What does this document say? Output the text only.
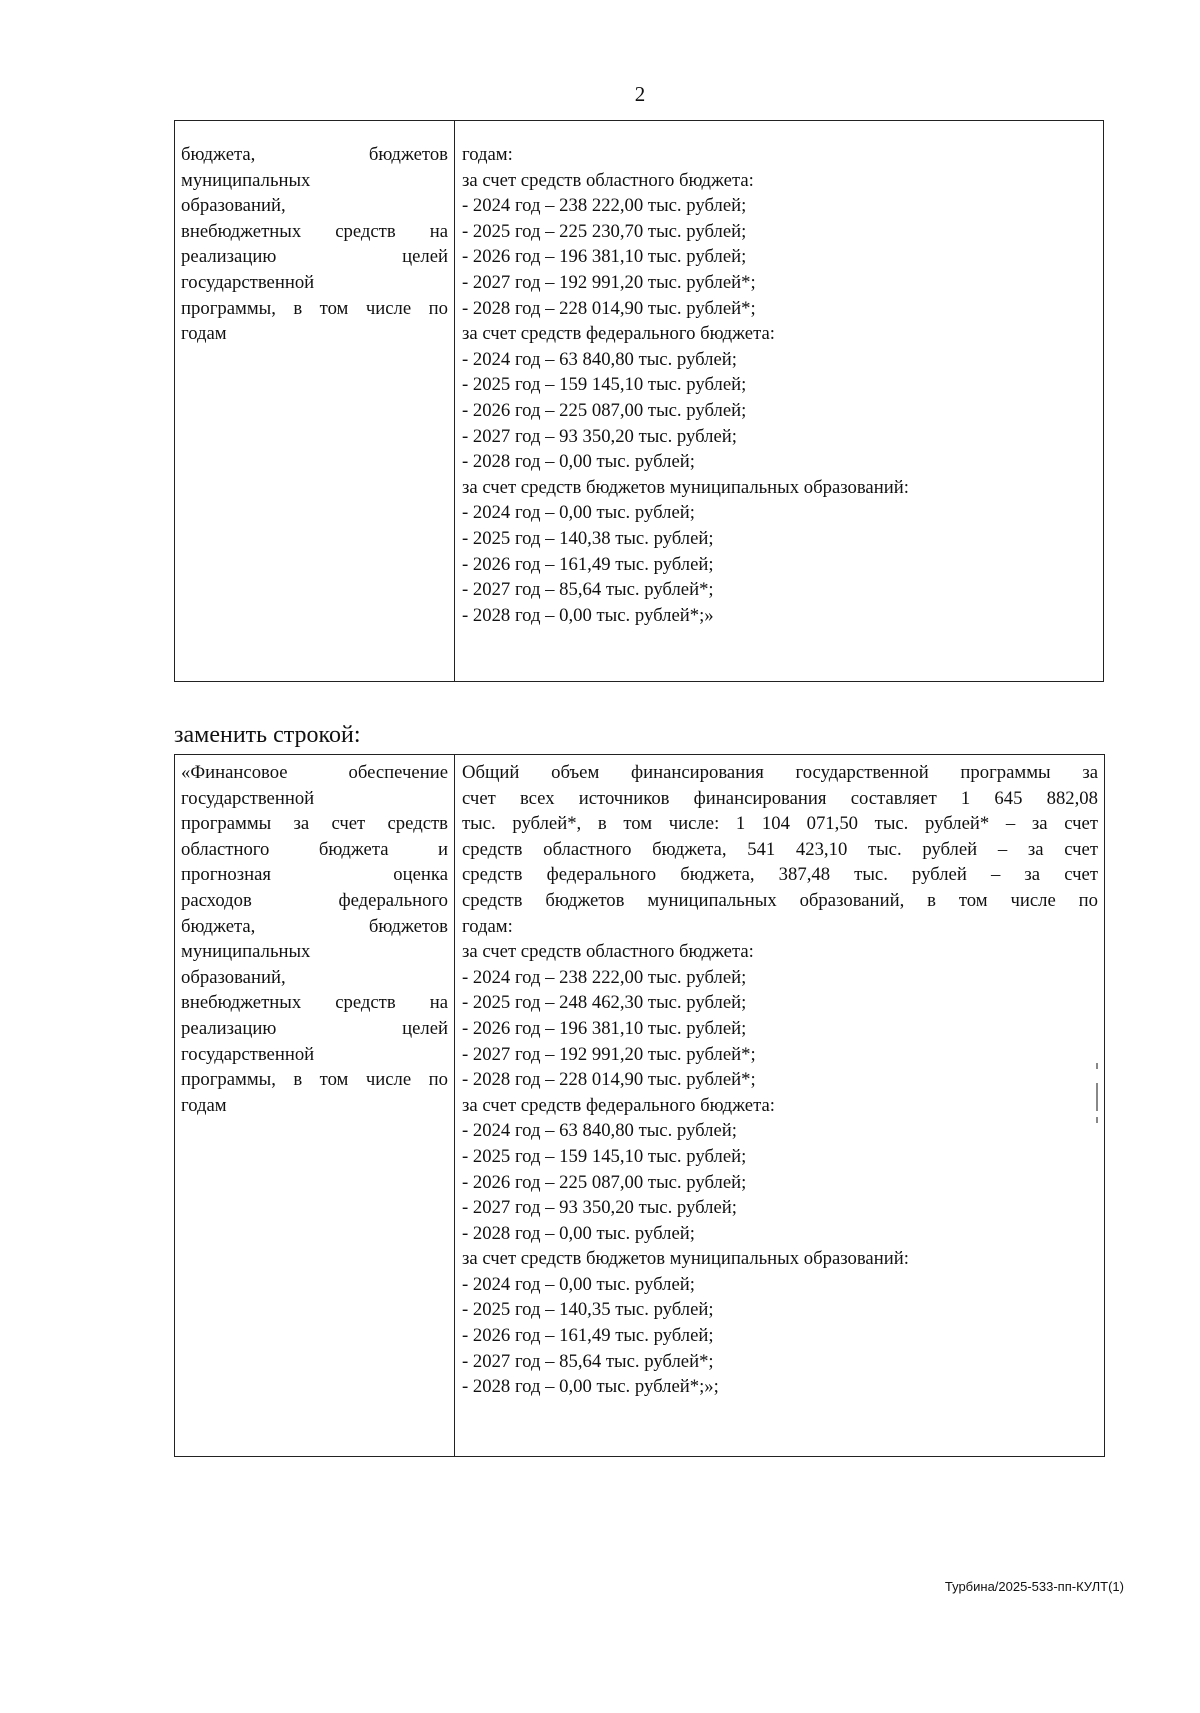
2
бюджета, бюджетов
муниципальных
образований,
внебюджетных средств на
реализацию целей
государственной
программы, в том числе по
годам
годам:
за счет средств областного бюджета:
- 2024 год – 238 222,00 тыс. рублей;
- 2025 год – 225 230,70 тыс. рублей;
- 2026 год – 196 381,10 тыс. рублей;
- 2027 год – 192 991,20 тыс. рублей*;
- 2028 год – 228 014,90 тыс. рублей*;
за счет средств федерального бюджета:
- 2024 год – 63 840,80 тыс. рублей;
- 2025 год – 159 145,10 тыс. рублей;
- 2026 год – 225 087,00 тыс. рублей;
- 2027 год – 93 350,20 тыс. рублей;
- 2028 год – 0,00 тыс. рублей;
за счет средств бюджетов муниципальных образований:
- 2024 год – 0,00 тыс. рублей;
- 2025 год – 140,38 тыс. рублей;
- 2026 год – 161,49 тыс. рублей;
- 2027 год – 85,64 тыс. рублей*;
- 2028 год – 0,00 тыс. рублей*;»
заменить строкой:
«Финансовое обеспечение
государственной
программы за счет средств
областного бюджета и
прогнозная оценка
расходов федерального
бюджета, бюджетов
муниципальных
образований,
внебюджетных средств на
реализацию целей
государственной
программы, в том числе по
годам
Общий объем финансирования государственной программы за
счет всех источников финансирования составляет 1 645 882,08
тыс. рублей*, в том числе: 1 104 071,50 тыс. рублей* – за счет
средств областного бюджета, 541 423,10 тыс. рублей – за счет
средств федерального бюджета, 387,48 тыс. рублей – за счет
средств бюджетов муниципальных образований, в том числе по
годам:
за счет средств областного бюджета:
- 2024 год – 238 222,00 тыс. рублей;
- 2025 год – 248 462,30 тыс. рублей;
- 2026 год – 196 381,10 тыс. рублей;
- 2027 год – 192 991,20 тыс. рублей*;
- 2028 год – 228 014,90 тыс. рублей*;
за счет средств федерального бюджета:
- 2024 год – 63 840,80 тыс. рублей;
- 2025 год – 159 145,10 тыс. рублей;
- 2026 год – 225 087,00 тыс. рублей;
- 2027 год – 93 350,20 тыс. рублей;
- 2028 год – 0,00 тыс. рублей;
за счет средств бюджетов муниципальных образований:
- 2024 год – 0,00 тыс. рублей;
- 2025 год – 140,35 тыс. рублей;
- 2026 год – 161,49 тыс. рублей;
- 2027 год – 85,64 тыс. рублей*;
- 2028 год – 0,00 тыс. рублей*;»;
Турбина/2025-533-пп-КУЛТ(1)
